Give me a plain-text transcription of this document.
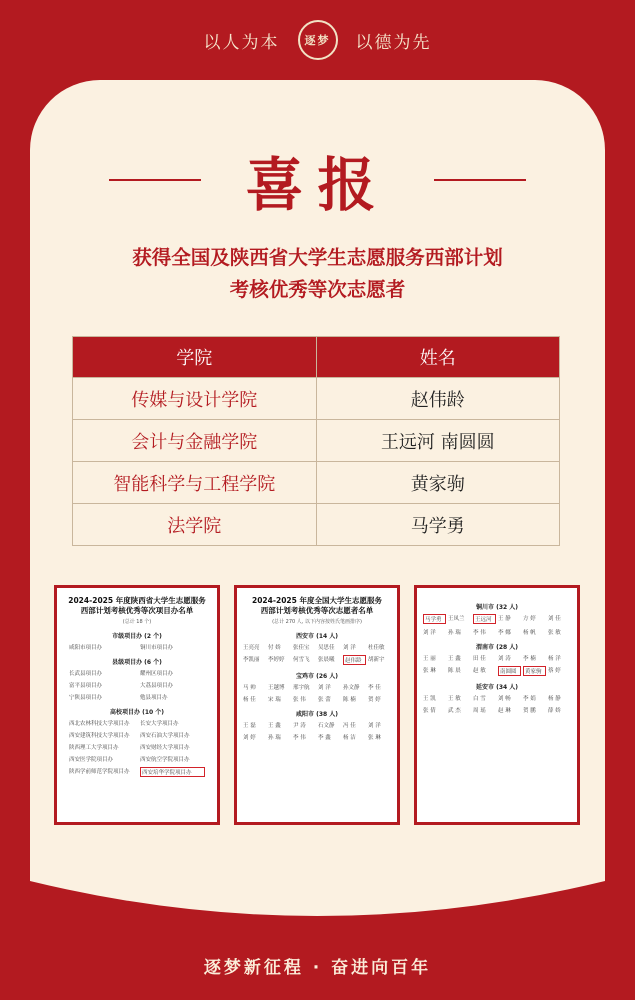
以人为本 逐梦 以德为先
喜报
获得全国及陕西省大学生志愿服务西部计划
考核优秀等次志愿者
学院	姓名
传媒与设计学院	赵伟龄
会计与金融学院	王远河 南圆圆
智能科学与工程学院	黄家驹
法学院	马学勇
2024-2025 年度陕西省大学生志愿服务
西部计划考核优秀等次项目办名单
(总计 18 个)
市级项目办 (2 个)
咸阳市项目办	铜川市项目办
县级项目办 (6 个)
长武县项目办	耀州区项目办
富平县项目办	大荔县项目办
宁陕县项目办	勉县项目办
高校项目办 (10 个)
西北农林科技大学项目办	长安大学项目办
西安建筑科技大学项目办	西安石油大学项目办
陕西理工大学项目办	西安财经大学项目办
西安医学院项目办	西安航空学院项目办
陕西学前师范学院项目办	西安培华学院项目办
2024-2025 年度全国大学生志愿服务
西部计划考核优秀等次志愿者名单
(总计 270 人, 以下内容按姓氏笔画排序)
西安市 (14 人)
王亮亮	付 娇	张佳宝	吴思佳	刘 洋	杜佳敏
李凯丽	李婷婷	何雪飞	张晨曦	赵伟龄	胡新宇
宝鸡市 (26 人)
马 帅	王越博	邢宇航	刘 洋	孙文静	李 佳
杨 佳	宋 瑞	张 伟	张 蕾	陈 楠	贺 婷
咸阳市 (38 人)
王 磊	王 鑫	尹 涛	石文静	冯 佳	刘 洋
刘 婷	孙 瑞	李 伟	李 鑫	杨 洁	张 琳
铜川市 (32 人)
马学勇	王凤兰	王远河	王 静	方 婷	刘 佳
刘 洋	孙 瑞	李 伟	李 娜	杨 帆	张 敏
渭南市 (28 人)
王 丽	王 鑫	田 佳	刘 涛	李 楠	杨 洋
张 琳	陈 晨	赵 敏	南圆圆	黄家驹	蔡 婷
延安市 (34 人)
王 凯	王 敏	白 雪	刘 畅	李 娟	杨 静
张 倩	武 杰	周 瑶	赵 琳	贺 鹏	薛 娇
逐梦新征程 · 奋进向百年
